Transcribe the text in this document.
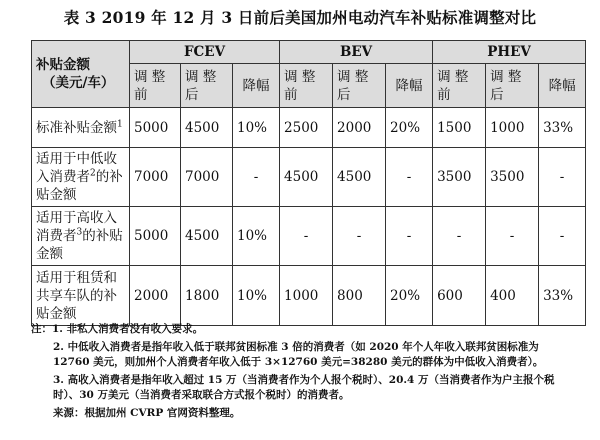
表 3 2019 年 12 月 3 日前后美国加州电动汽车补贴标准调整对比
补贴金额
（美元/车）	FCEV			BEV			PHEV		
	调 整 前	调 整 后	降幅	调 整 前	调 整 后	降幅	调 整 前	调 整 后	降幅
标准补贴金额$^1$	5000	4500	10%	2500	2000	20%	1500	1000	33%
适用于中低收入消费者$^2$的补贴金额	7000	7000	-	4500	4500	-	3500	3500	-
适用于高收入消费者$^3$的补贴金额	5000	4500	10%	-	-	-	-	-	-
适用于租赁和共享车队的补贴金额	2000	1800	10%	1000	800	20%	600	400	33%
注：1. 非私人消费者没有收入要求。
2. 中低收入消费者是指年收入低于联邦贫困标准 3 倍的消费者（如 2020 年个人年收入联邦贫困标准为 12760 美元，则加州个人消费者年收入低于 3×12760 美元=38280 美元的群体为中低收入消费者）。
3. 高收入消费者是指年收入超过 15 万（当消费者作为个人报个税时）、20.4 万（当消费者作为户主报个税时）、30 万美元（当消费者采取联合方式报个税时）的消费者。
来源：根据加州 CVRP 官网资料整理。
